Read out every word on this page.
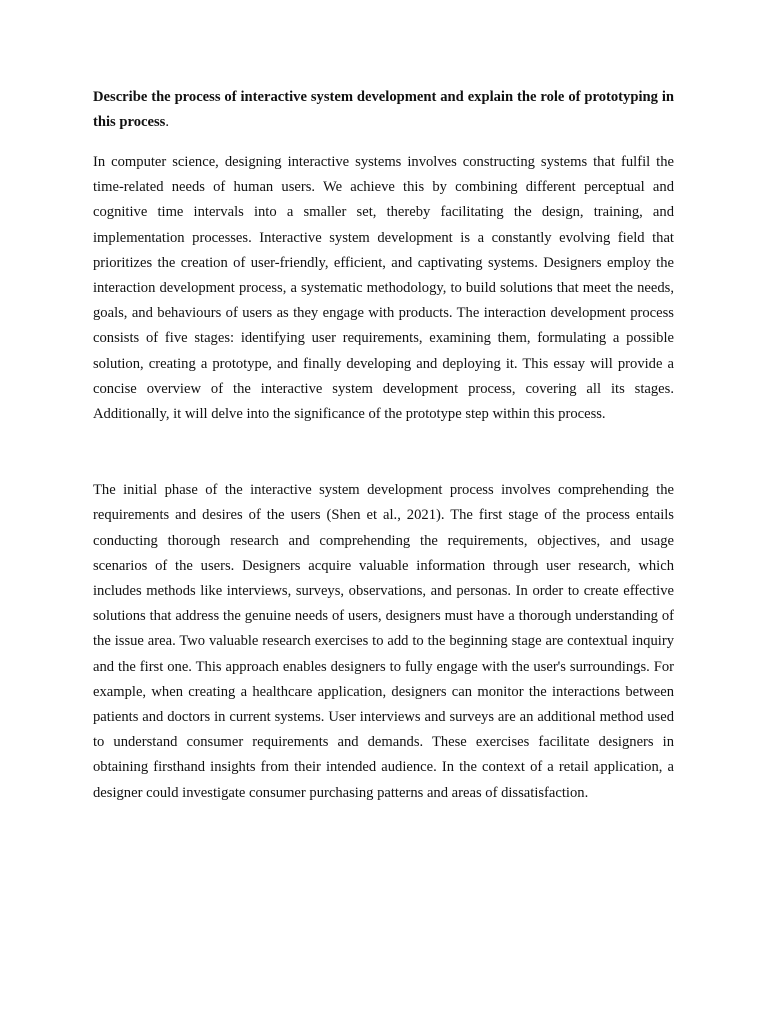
Describe the process of interactive system development and explain the role of prototyping in this process.

In computer science, designing interactive systems involves constructing systems that fulfil the time-related needs of human users. We achieve this by combining different perceptual and cognitive time intervals into a smaller set, thereby facilitating the design, training, and implementation processes. Interactive system development is a constantly evolving field that prioritizes the creation of user-friendly, efficient, and captivating systems. Designers employ the interaction development process, a systematic methodology, to build solutions that meet the needs, goals, and behaviours of users as they engage with products. The interaction development process consists of five stages: identifying user requirements, examining them, formulating a possible solution, creating a prototype, and finally developing and deploying it. This essay will provide a concise overview of the interactive system development process, covering all its stages. Additionally, it will delve into the significance of the prototype step within this process.

The initial phase of the interactive system development process involves comprehending the requirements and desires of the users (Shen et al., 2021). The first stage of the process entails conducting thorough research and comprehending the requirements, objectives, and usage scenarios of the users. Designers acquire valuable information through user research, which includes methods like interviews, surveys, observations, and personas. In order to create effective solutions that address the genuine needs of users, designers must have a thorough understanding of the issue area. Two valuable research exercises to add to the beginning stage are contextual inquiry and the first one. This approach enables designers to fully engage with the user's surroundings. For example, when creating a healthcare application, designers can monitor the interactions between patients and doctors in current systems. User interviews and surveys are an additional method used to understand consumer requirements and demands. These exercises facilitate designers in obtaining firsthand insights from their intended audience. In the context of a retail application, a designer could investigate consumer purchasing patterns and areas of dissatisfaction.
